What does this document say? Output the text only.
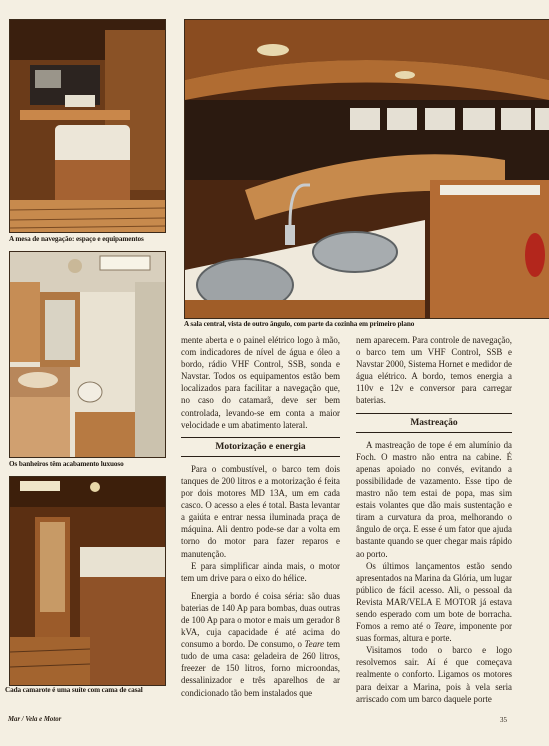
A mesa de navegação: espaço e equipamentos
Os banheiros têm acabamento luxuoso
Cada camarote é uma suíte com cama de casal
A sala central, vista de outro ângulo, com parte da cozinha em primeiro plano

mente aberta e o painel elétrico logo à mão, com indicadores de nível de água e óleo a bordo, rádio VHF Control, SSB, sonda e Navstar. Todos os equipamentos estão bem localizados para facilitar a navegação que, no caso do catamarã, deve ser bem controlada, levando-se em conta a maior velocidade e um abatimento lateral.

Motorização e energia

Para o combustível, o barco tem dois tanques de 200 litros e a motorização é feita por dois motores MD 13A, um em cada casco. O acesso a eles é total. Basta levantar a gaiúta e entrar nessa iluminada praça de máquina. Ali dentro pode-se dar a volta em torno do motor para fazer reparos e manutenção.

E para simplificar ainda mais, o motor tem um drive para o eixo do hélice.

Energia a bordo é coisa séria: são duas baterias de 140 Ap para bombas, duas outras de 100 Ap para o motor e mais um gerador 8 kVA, cuja capacidade é até acima do consumo a bordo. De consumo, o Teare tem tudo de uma casa: geladeira de 260 litros, freezer de 150 litros, forno microondas, dessalinizador e três aparelhos de ar condicionado tão bem instalados que

nem aparecem. Para controle de navegação, o barco tem um VHF Control, SSB e Navstar 2000, Sistema Hornet e medidor de água elétrico. A bordo, temos energia a 110v e 12v e conversor para carregar baterias.

Mastreação

A mastreação de tope é em alumínio da Foch. O mastro não entra na cabine. É apenas apoiado no convés, evitando a possibilidade de vazamento. Esse tipo de mastro não tem estai de popa, mas sim estais volantes que dão mais sustentação e tiram a curvatura da proa, melhorando o ângulo de orça. E esse é um fator que ajuda bastante quando se quer chegar mais rápido ao porto.

Os últimos lançamentos estão sendo apresentados na Marina da Glória, um lugar público de fácil acesso. Ali, o pessoal da Revista MAR/VELA E MOTOR já estava sendo esperado com um bote de borracha. Fomos a remo até o Teare, imponente por suas formas, altura e porte.

Visitamos todo o barco e logo resolvemos sair. Aí é que começava realmente o conforto. Ligamos os motores para deixar a Marina, pois à vela seria arriscado com um barco daquele porte

Mar / Vela e Motor	35
